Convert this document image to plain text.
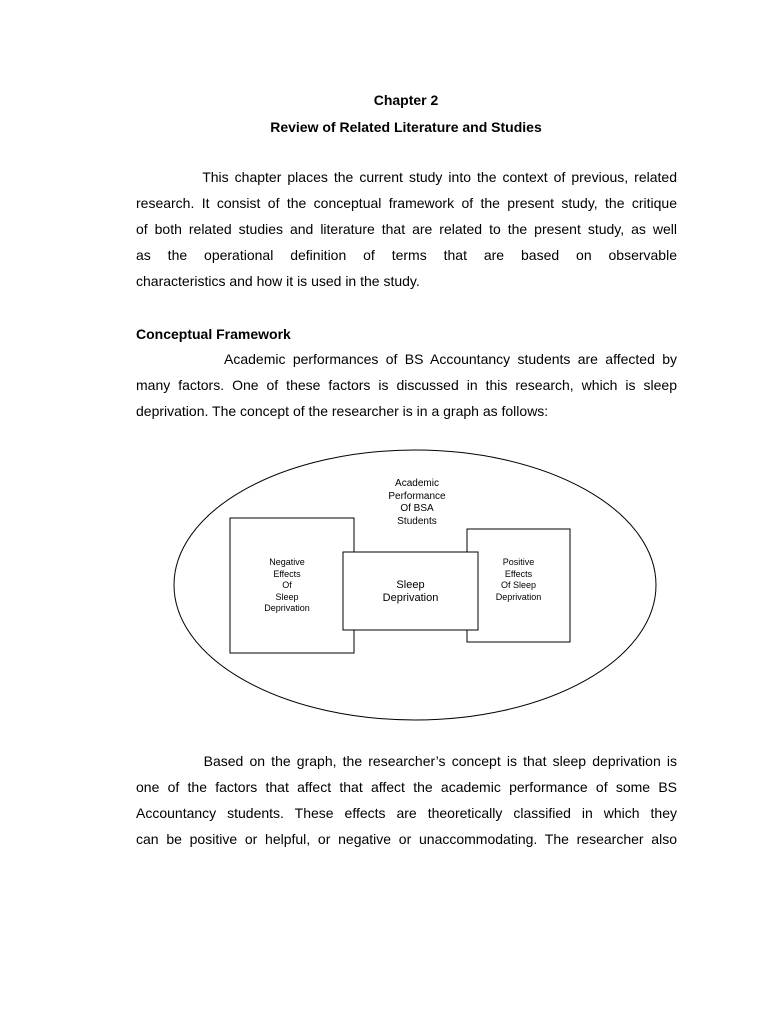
Chapter 2
Review of Related Literature and Studies
This chapter places the current study into the context of previous, related
research. It consist of the conceptual framework of the present study, the critique
of both related studies and literature that are related to the present study, as well
as the operational definition of terms that are based on observable
characteristics and how it is used in the study.
Conceptual Framework
Academic performances of BS Accountancy students are affected by
many factors. One of these factors is discussed in this research, which is sleep
deprivation. The concept of the researcher is in a graph as follows:
Academic
Performance
Of BSA
Students
Negative
Effects
Of
Sleep
Deprivation
Sleep
Deprivation
Positive
Effects
Of Sleep
Deprivation
Based on the graph, the researcher’s concept is that sleep deprivation is
one of the factors that affect that affect the academic performance of some BS
Accountancy students. These effects are theoretically classified in which they
can be positive or helpful, or negative or unaccommodating. The researcher also
